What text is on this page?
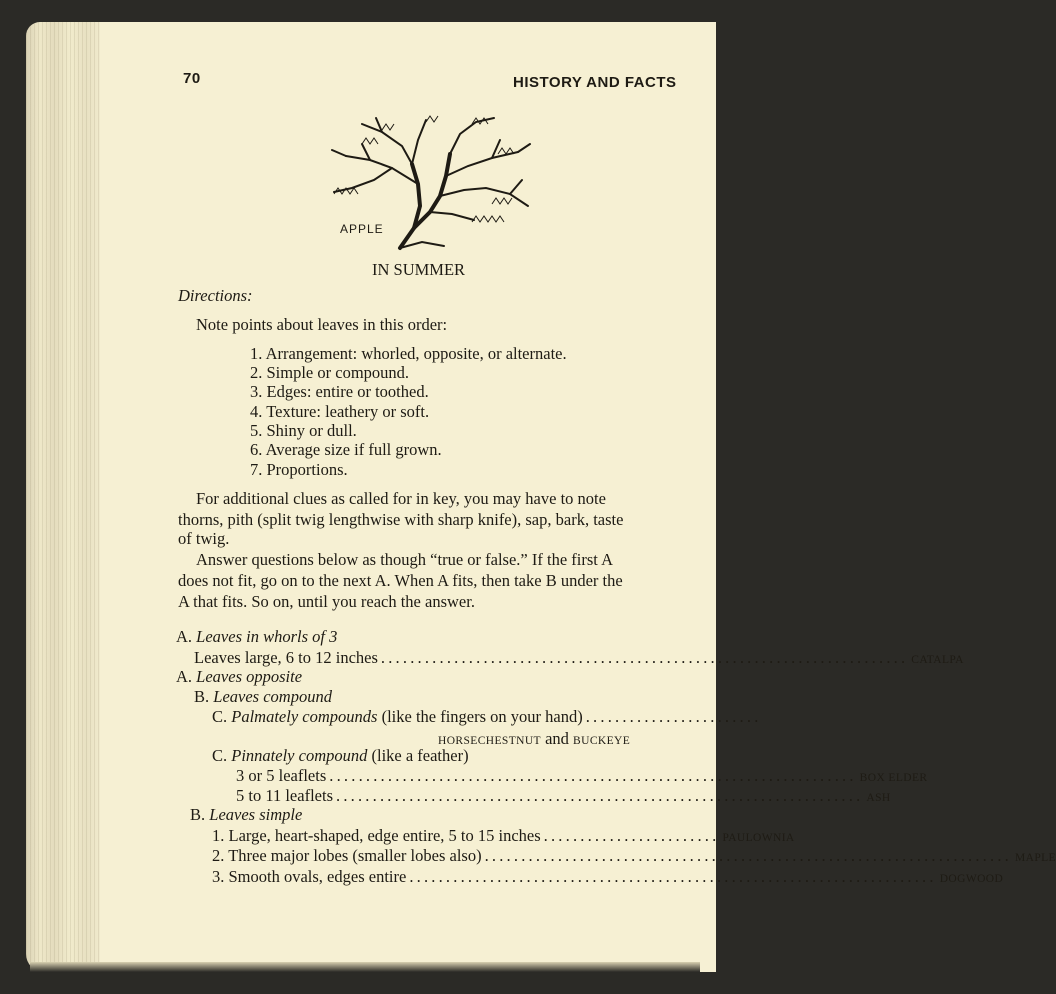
70	HISTORY AND FACTS
APPLE
IN SUMMER
Directions:
Note points about leaves in this order:
1. Arrangement: whorled, opposite, or alternate.
2. Simple or compound.
3. Edges: entire or toothed.
4. Texture: leathery or soft.
5. Shiny or dull.
6. Average size if full grown.
7. Proportions.
For additional clues as called for in key, you may have to note
thorns, pith (split twig lengthwise with sharp knife), sap, bark, taste
of twig.
Answer questions below as though “true or false.” If the first A
does not fit, go on to the next A. When A fits, then take B under the
A that fits. So on, until you reach the answer.
A. Leaves in whorls of 3
Leaves large, 6 to 12 inches ........................................................................ CATALPA
A. Leaves opposite
B. Leaves compound
C.
Palmately compounds
(like the fingers on your hand) ........................
HORSECHESTNUT and BUCKEYE
C. Pinnately compound (like a feather)
3 or 5 leaflets ........................................................................ BOX ELDER
5 to 11 leaflets ........................................................................ ASH
B. Leaves simple
1. Large, heart-shaped, edge entire, 5 to 15 inches ........................ PAULOWNIA
2. Three major lobes (smaller lobes also) ........................................................................ MAPLE
3. Smooth ovals, edges entire ........................................................................ DOGWOOD
